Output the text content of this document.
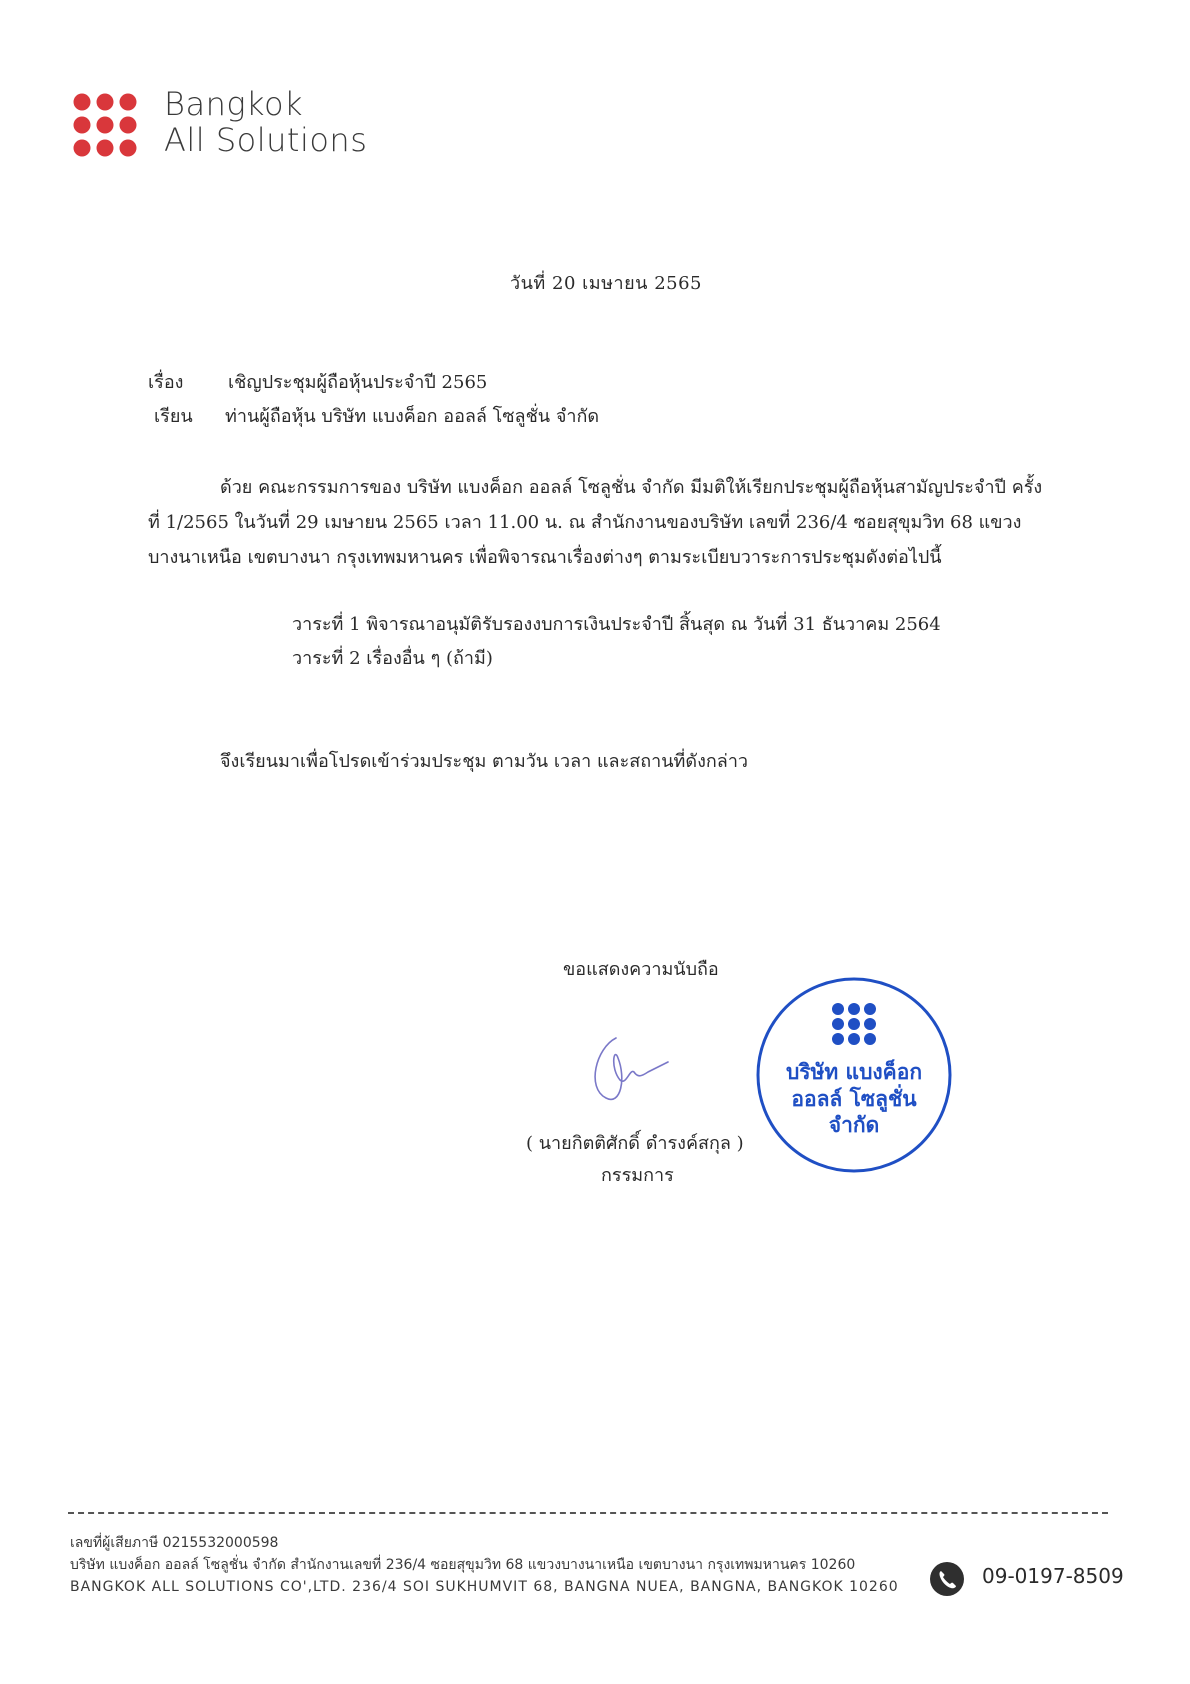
Bangkok
All Solutions
วันที่ 20 เมษายน 2565
เรื่อง เชิญประชุมผู้ถือหุ้นประจำปี 2565
เรียน ท่านผู้ถือหุ้น บริษัท แบงค็อก ออลล์ โซลูชั่น จำกัด
ด้วย คณะกรรมการของ บริษัท แบงค็อก ออลล์ โซลูชั่น จำกัด มีมติให้เรียกประชุมผู้ถือหุ้นสามัญประจำปี ครั้ง
ที่ 1/2565 ในวันที่ 29 เมษายน 2565 เวลา 11.00 น. ณ สำนักงานของบริษัท เลขที่ 236/4 ซอยสุขุมวิท 68 แขวง
บางนาเหนือ เขตบางนา กรุงเทพมหานคร เพื่อพิจารณาเรื่องต่างๆ ตามระเบียบวาระการประชุมดังต่อไปนี้
วาระที่ 1 พิจารณาอนุมัติรับรองงบการเงินประจำปี สิ้นสุด ณ วันที่ 31 ธันวาคม 2564
วาระที่ 2 เรื่องอื่น ๆ (ถ้ามี)
จึงเรียนมาเพื่อโปรดเข้าร่วมประชุม ตามวัน เวลา และสถานที่ดังกล่าว
ขอแสดงความนับถือ
( นายกิตติศักดิ์ ดำรงค์สกุล )
กรรมการ
บริษัท แบงค็อก
ออลล์ โซลูชั่น
จำกัด
เลขที่ผู้เสียภาษี 0215532000598
บริษัท แบงค็อก ออลล์ โซลูชั่น จำกัด สำนักงานเลขที่ 236/4 ซอยสุขุมวิท 68 แขวงบางนาเหนือ เขตบางนา กรุงเทพมหานคร 10260
BANGKOK ALL SOLUTIONS CO',LTD. 236/4 SOI SUKHUMVIT 68, BANGNA NUEA, BANGNA, BANGKOK 10260	09-0197-8509
